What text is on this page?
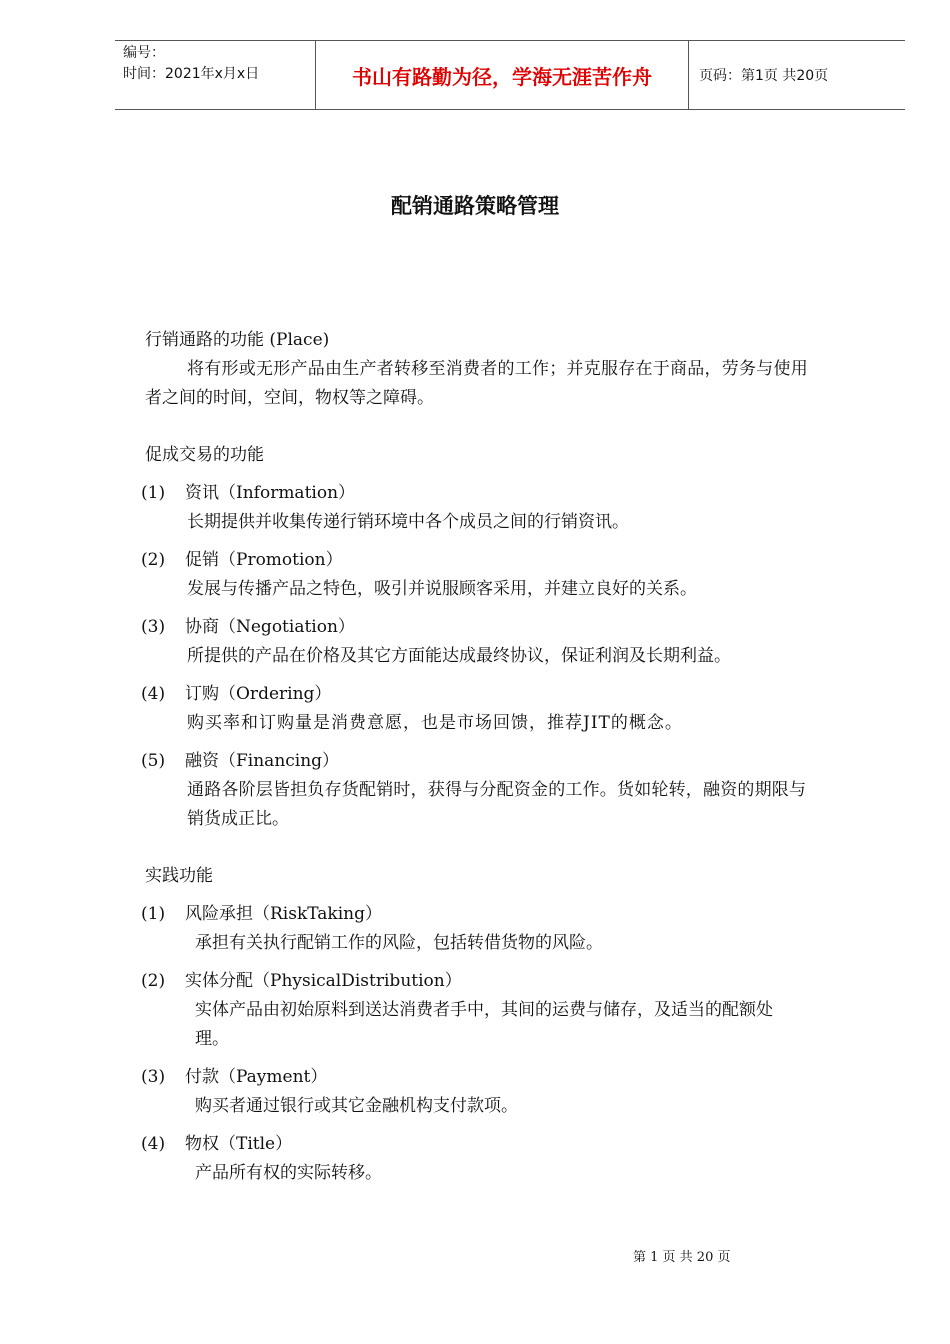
编号：
时间：2021年x月x日	书山有路勤为径，学海无涯苦作舟	页码：第1页 共20页
配销通路策略管理
行销通路的功能 (Place)
将有形或无形产品由生产者转移至消费者的工作；并克服存在于商品，劳务与使用
者之间的时间，空间，物权等之障碍。
促成交易的功能
(1) 资讯（Information）
长期提供并收集传递行销环境中各个成员之间的行销资讯。
(2) 促销（Promotion）
发展与传播产品之特色，吸引并说服顾客采用，并建立良好的关系。
(3) 协商（Negotiation）
所提供的产品在价格及其它方面能达成最终协议，保证利润及长期利益。
(4) 订购（Ordering）
购买率和订购量是消费意愿，也是市场回馈，推荐JIT的概念。
(5) 融资（Financing）
通路各阶层皆担负存货配销时，获得与分配资金的工作。货如轮转，融资的期限与
销货成正比。
实践功能
(1) 风险承担（RiskTaking）
承担有关执行配销工作的风险，包括转借货物的风险。
(2) 实体分配（PhysicalDistribution）
实体产品由初始原料到送达消费者手中，其间的运费与储存，及适当的配额处
理。
(3) 付款（Payment）
购买者通过银行或其它金融机构支付款项。
(4) 物权（Title）
产品所有权的实际转移。
第 1 页 共 20 页
